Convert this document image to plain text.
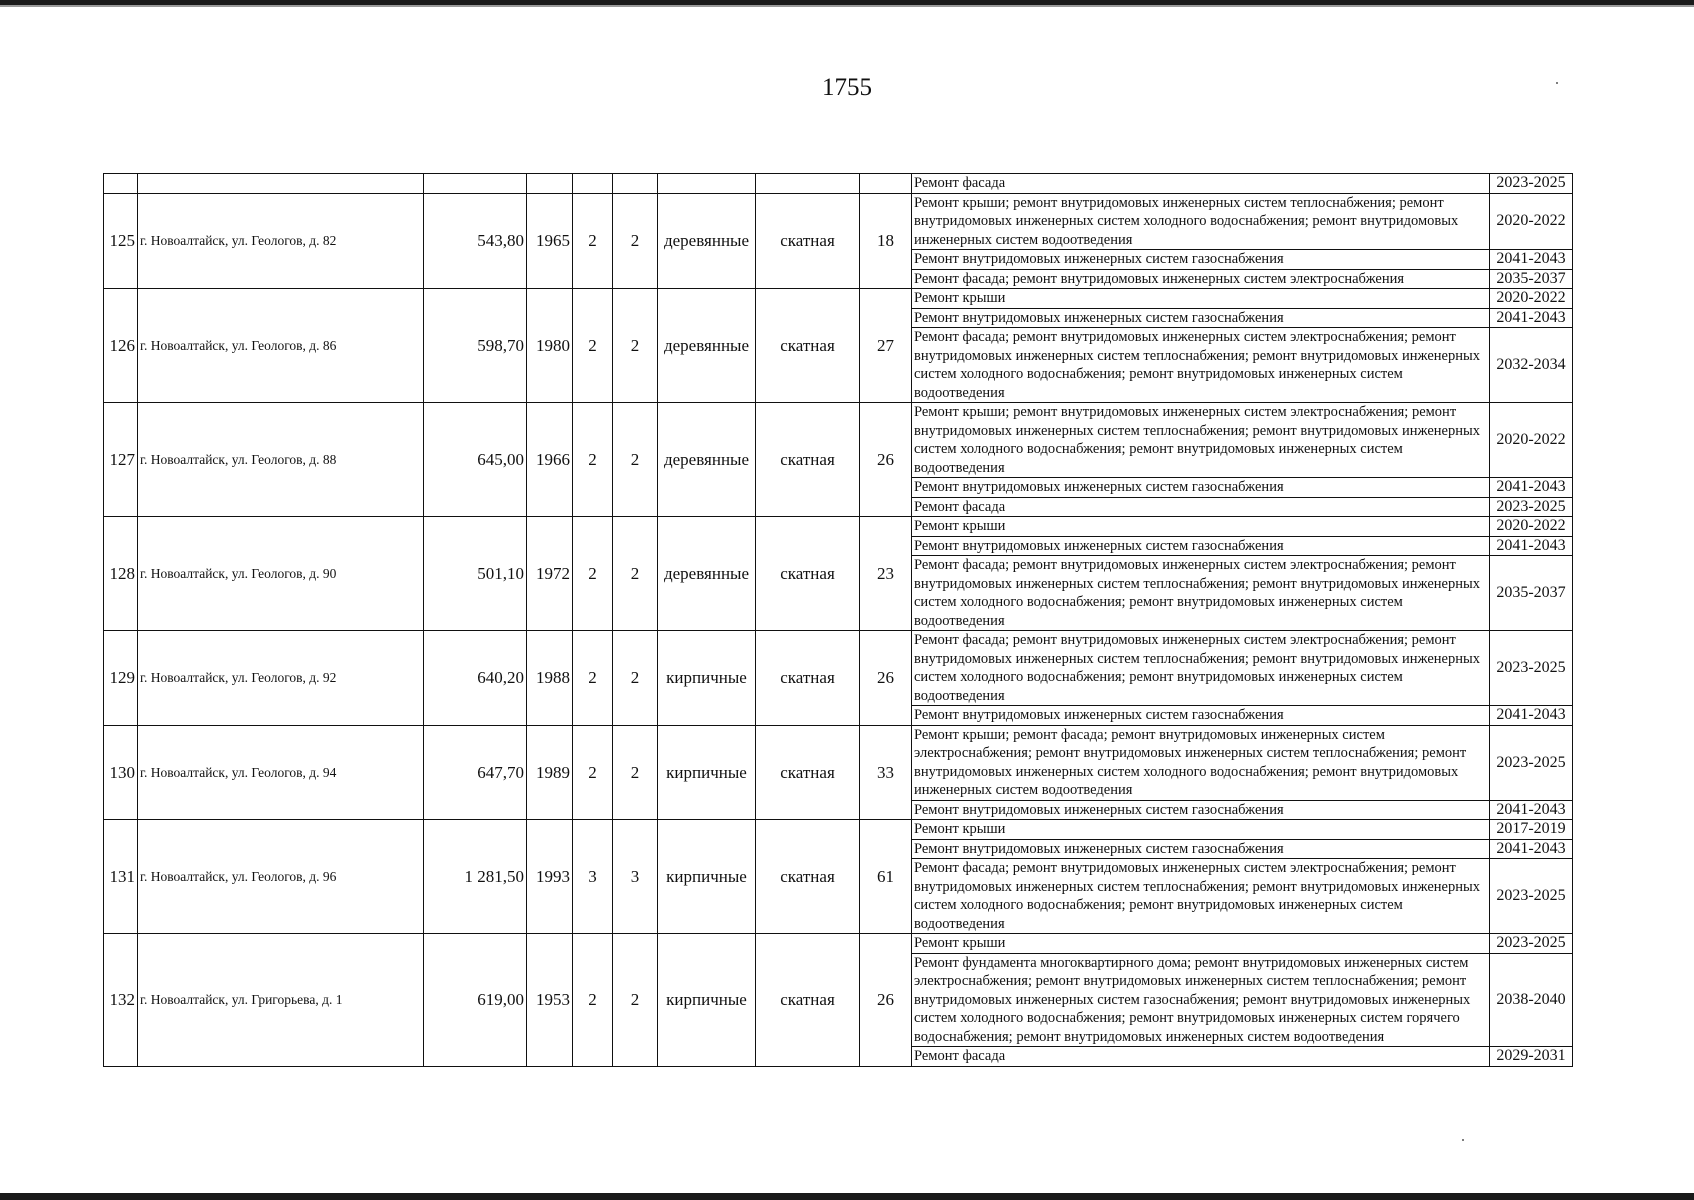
1755
									Ремонт фасада	2023-2025
125	г. Новоалтайск, ул. Геологов, д. 82	543,80	1965	2	2	деревянные	скатная	18	Ремонт крыши; ремонт внутридомовых инженерных систем теплоснабжения; ремонт внутридомовых инженерных систем холодного водоснабжения; ремонт внутридомовых инженерных систем водоотведения	2020-2022
									Ремонт внутридомовых инженерных систем газоснабжения	2041-2043
									Ремонт фасада; ремонт внутридомовых инженерных систем электроснабжения	2035-2037
126	г. Новоалтайск, ул. Геологов, д. 86	598,70	1980	2	2	деревянные	скатная	27	Ремонт крыши	2020-2022
									Ремонт внутридомовых инженерных систем газоснабжения	2041-2043
									Ремонт фасада; ремонт внутридомовых инженерных систем электроснабжения; ремонт внутридомовых инженерных систем теплоснабжения; ремонт внутридомовых инженерных систем холодного водоснабжения; ремонт внутридомовых инженерных систем водоотведения	2032-2034
127	г. Новоалтайск, ул. Геологов, д. 88	645,00	1966	2	2	деревянные	скатная	26	Ремонт крыши; ремонт внутридомовых инженерных систем электроснабжения; ремонт внутридомовых инженерных систем теплоснабжения; ремонт внутридомовых инженерных систем холодного водоснабжения; ремонт внутридомовых инженерных систем водоотведения	2020-2022
									Ремонт внутридомовых инженерных систем газоснабжения	2041-2043
									Ремонт фасада	2023-2025
128	г. Новоалтайск, ул. Геологов, д. 90	501,10	1972	2	2	деревянные	скатная	23	Ремонт крыши	2020-2022
									Ремонт внутридомовых инженерных систем газоснабжения	2041-2043
									Ремонт фасада; ремонт внутридомовых инженерных систем электроснабжения; ремонт внутридомовых инженерных систем теплоснабжения; ремонт внутридомовых инженерных систем холодного водоснабжения; ремонт внутридомовых инженерных систем водоотведения	2035-2037
129	г. Новоалтайск, ул. Геологов, д. 92	640,20	1988	2	2	кирпичные	скатная	26	Ремонт фасада; ремонт внутридомовых инженерных систем электроснабжения; ремонт внутридомовых инженерных систем теплоснабжения; ремонт внутридомовых инженерных систем холодного водоснабжения; ремонт внутридомовых инженерных систем водоотведения	2023-2025
									Ремонт внутридомовых инженерных систем газоснабжения	2041-2043
130	г. Новоалтайск, ул. Геологов, д. 94	647,70	1989	2	2	кирпичные	скатная	33	Ремонт крыши; ремонт фасада; ремонт внутридомовых инженерных систем электроснабжения; ремонт внутридомовых инженерных систем теплоснабжения; ремонт внутридомовых инженерных систем холодного водоснабжения; ремонт внутридомовых инженерных систем водоотведения	2023-2025
									Ремонт внутридомовых инженерных систем газоснабжения	2041-2043
131	г. Новоалтайск, ул. Геологов, д. 96	1 281,50	1993	3	3	кирпичные	скатная	61	Ремонт крыши	2017-2019
									Ремонт внутридомовых инженерных систем газоснабжения	2041-2043
									Ремонт фасада; ремонт внутридомовых инженерных систем электроснабжения; ремонт внутридомовых инженерных систем теплоснабжения; ремонт внутридомовых инженерных систем холодного водоснабжения; ремонт внутридомовых инженерных систем водоотведения	2023-2025
132	г. Новоалтайск, ул. Григорьева, д. 1	619,00	1953	2	2	кирпичные	скатная	26	Ремонт крыши	2023-2025
									Ремонт фундамента многоквартирного дома; ремонт внутридомовых инженерных систем электроснабжения; ремонт внутридомовых инженерных систем теплоснабжения; ремонт внутридомовых инженерных систем газоснабжения; ремонт внутридомовых инженерных систем холодного водоснабжения; ремонт внутридомовых инженерных систем горячего водоснабжения; ремонт внутридомовых инженерных систем водоотведения	2038-2040
									Ремонт фасада	2029-2031
